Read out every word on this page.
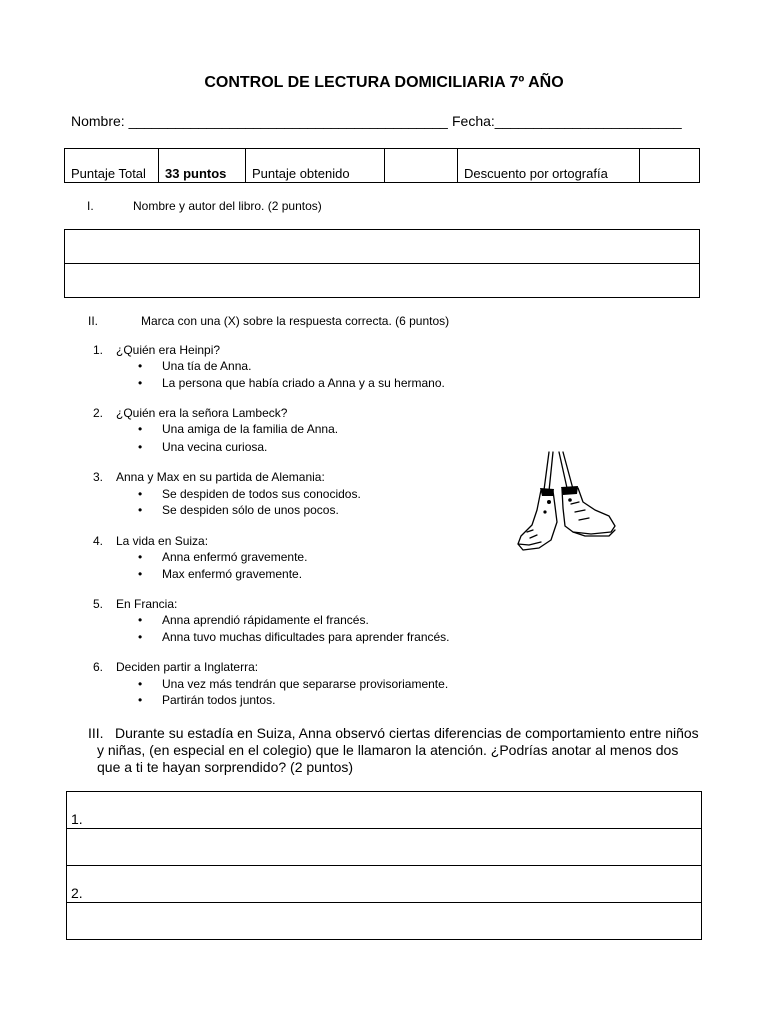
CONTROL DE LECTURA DOMICILIARIA 7º AÑO
Nombre: _________________________________________ Fecha:________________________
Puntaje Total	33 puntos	Puntaje obtenido		Descuento por ortografía	
I.	Nombre y autor del libro. (2 puntos)

II.	Marca con una (X) sobre la respuesta correcta. (6 puntos)
1. ¿Quién era Heinpi?
• Una tía de Anna.
• La persona que había criado a Anna y a su hermano.
2. ¿Quién era la señora Lambeck?
• Una amiga de la familia de Anna.
• Una vecina curiosa.
3. Anna y Max en su partida de Alemania:
• Se despiden de todos sus conocidos.
• Se despiden sólo de unos pocos.
4. La vida en Suiza:
• Anna enfermó gravemente.
• Max enfermó gravemente.
5. En Francia:
• Anna aprendió rápidamente el francés.
• Anna tuvo muchas dificultades para aprender francés.
6. Deciden partir a Inglaterra:
• Una vez más tendrán que separarse provisoriamente.
• Partirán todos juntos.
III. Durante su estadía en Suiza, Anna observó ciertas diferencias de comportamiento entre niños
y niñas, (en especial en el colegio) que le llamaron la atención. ¿Podrías anotar al menos dos
que a ti te hayan sorprendido? (2 puntos)
1.

2.
